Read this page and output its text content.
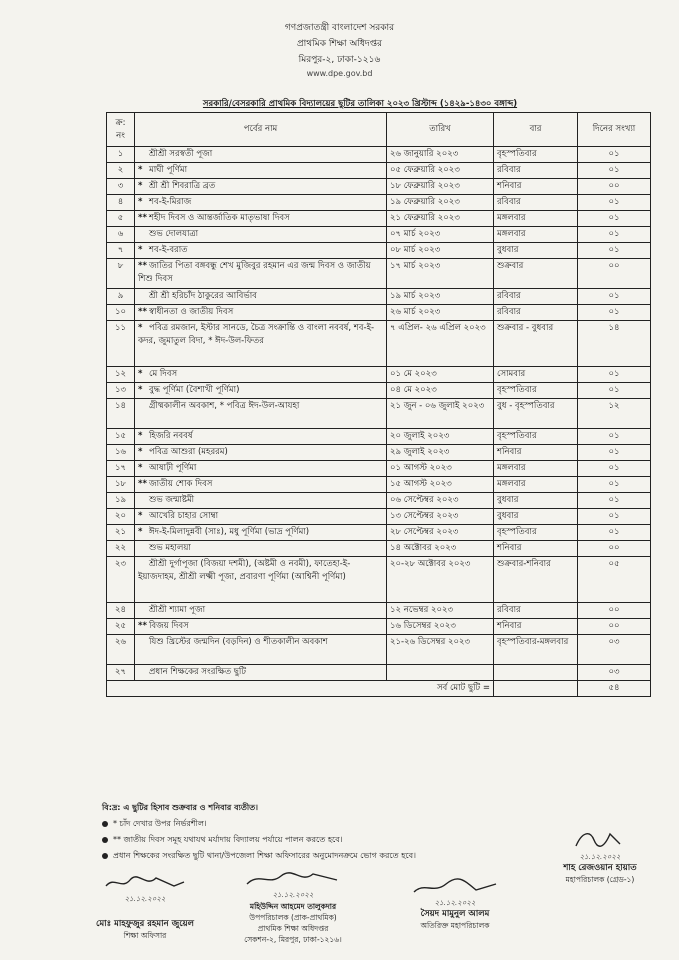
গণপ্রজাতন্ত্রী বাংলাদেশ সরকার
প্রাথমিক শিক্ষা অধিদপ্তর
মিরপুর-২, ঢাকা-১২১৬
www.dpe.gov.bd
সরকারি/বেসরকারি প্রাথমিক বিদ্যালয়ের ছুটির তালিকা ২০২৩ খ্রিস্টাব্দ (১৪২৯-১৪৩০ বঙ্গাব্দ)
ক্র: নং	পর্বের নাম	তারিখ	বার	দিনের সংখ্যা
১	শ্রীশ্রী সরস্বতী পূজা	২৬ জানুয়ারি ২০২৩	বৃহস্পতিবার	০১
২	* মাঘী পূর্ণিমা	০৫ ফেব্রুয়ারি ২০২৩	রবিবার	০১
৩	* শ্রী শ্রী শিবরাত্রি ব্রত	১৮ ফেব্রুয়ারি ২০২৩	শনিবার	০০
৪	* শব-ই-মিরাজ	১৯ ফেব্রুয়ারি ২০২৩	রবিবার	০১
৫	** শহীদ দিবস ও আন্তর্জাতিক মাতৃভাষা দিবস	২১ ফেব্রুয়ারি ২০২৩	মঙ্গলবার	০১
৬	শুভ দোলযাত্রা	০৭ মার্চ ২০২৩	মঙ্গলবার	০১
৭	* শব-ই-বরাত	০৮ মার্চ ২০২৩	বুধবার	০১
৮	** জাতির পিতা বঙ্গবন্ধু শেখ মুজিবুর রহমান এর জন্ম দিবস ও জাতীয় শিশু দিবস	১৭ মার্চ ২০২৩	শুক্রবার	০০
৯	শ্রী শ্রী হরিচাঁদ ঠাকুরের আবির্ভাব	১৯ মার্চ ২০২৩	রবিবার	০১
১০	** স্বাধীনতা ও জাতীয় দিবস	২৬ মার্চ ২০২৩	রবিবার	০১
১১	* পবিত্র রমজান, ইস্টার সানডে, চৈত্র সংক্রান্তি ও বাংলা নববর্ষ, শব-ই-কদর, জুমাতুল বিদা, * ঈদ-উল-ফিতর	৭ এপ্রিল- ২৬ এপ্রিল ২০২৩	শুক্রবার - বুধবার	১৪
১২	* মে দিবস	০১ মে ২০২৩	সোমবার	০১
১৩	* বুদ্ধ পূর্ণিমা (বৈশাখী পূর্ণিমা)	০৪ মে ২০২৩	বৃহস্পতিবার	০১
১৪	গ্রীষ্মকালীন অবকাশ, * পবিত্র ঈদ-উল-আযহা	২১ জুন - ০৬ জুলাই ২০২৩	বুধ - বৃহস্পতিবার	১২
১৫	* হিজরি নববর্ষ	২০ জুলাই ২০২৩	বৃহস্পতিবার	০১
১৬	* পবিত্র আশুরা (মহররম)	২৯ জুলাই ২০২৩	শনিবার	০১
১৭	* আষাঢ়ী পূর্ণিমা	০১ আগস্ট ২০২৩	মঙ্গলবার	০১
১৮	** জাতীয় শোক দিবস	১৫ আগস্ট ২০২৩	মঙ্গলবার	০১
১৯	শুভ জন্মাষ্টমী	০৬ সেপ্টেম্বর ২০২৩	বুধবার	০১
২০	* আখেরি চাহার সোম্বা	১৩ সেপ্টেম্বর ২০২৩	বুধবার	০১
২১	* ঈদ-ই-মিলাদুন্নবী (সাঃ), মধু পূর্ণিমা (ভাদ্র পূর্ণিমা)	২৮ সেপ্টেম্বর ২০২৩	বৃহস্পতিবার	০১
২২	শুভ মহালয়া	১৪ অক্টোবর ২০২৩	শনিবার	০০
২৩	শ্রীশ্রী দুর্গাপূজা (বিজয়া দশমী), (অষ্টমী ও নবমী), ফাতেহা-ই-ইয়াজদাহম, শ্রীশ্রী লক্ষ্মী পূজা, প্রবারণা পূর্ণিমা (আশ্বিনী পূর্ণিমা)	২০-২৮ অক্টোবর ২০২৩	শুক্রবার-শনিবার	০৫
২৪	শ্রীশ্রী শ্যামা পূজা	১২ নভেম্বর ২০২৩	রবিবার	০০
২৫	** বিজয় দিবস	১৬ ডিসেম্বর ২০২৩	শনিবার	০০
২৬	যিশু খ্রিস্টের জন্মদিন (বড়দিন) ও শীতকালীন অবকাশ	২১-২৬ ডিসেম্বর ২০২৩	বৃহস্পতিবার-মঙ্গলবার	০৩
২৭	প্রধান শিক্ষকের সংরক্ষিত ছুটি			০৩
সর্ব মোট ছুটি =				৫৪
বি:দ্র: এ ছুটির হিসাব শুক্রবার ও শনিবার ব্যতীত।
* চাঁদ দেখার উপর নির্ভরশীল।
** জাতীয় দিবস সমূহ যথাযথ মর্যাদায় বিদ্যালয় পর্যায়ে পালন করতে হবে।
প্রধান শিক্ষকের সংরক্ষিত ছুটি থানা/উপজেলা শিক্ষা অফিসারের অনুমোদনক্রমে ভোগ করতে হবে।	২১.১২.২০২২
শাহ রেজওয়ান হায়াত
মহাপরিচালক (গ্রেড-১)
২১.১২.২০২২
মোঃ মাহফুজুর রহমান জুয়েল
শিক্ষা অফিসার
২১.১২.২০২২
মহিউদ্দিন আহমেদ তালুকদার
উপপরিচালক (প্রাক-প্রাথমিক)
প্রাথমিক শিক্ষা অধিদপ্তর
সেকশন-২, মিরপুর, ঢাকা-১২১৬।
২১.১২.২০২২
সৈয়দ মামুনুল আলম
অতিরিক্ত মহাপরিচালক
